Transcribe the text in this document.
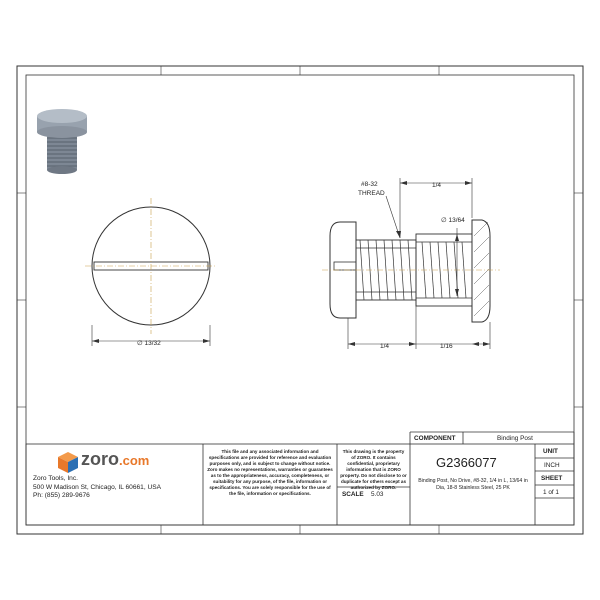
#8-32
THREAD
1/4
∅ 13/64
1/4	1/16
∅ 13/32
zoro.com
Zoro Tools, Inc.
500 W Madison St, Chicago, IL 60661, USA
Ph: (855) 289-9676
This file and any associated information and specifications are provided for reference and evaluation purposes only, and is subject to change without notice. Zoro makes no representations, warranties or guarantees as to the appropriateness, accuracy, completeness, or suitability for any purpose, of the file, information or specifications. You are solely responsible for the use of the file, information or specifications.
This drawing is the property of ZORO. It contains confidential, proprietary information that is ZORO property. Do not disclose to or duplicate for others except as authorized by ZORO.
COMPONENT	Binding Post
G2366077
Binding Post, No Drive, #8-32, 1/4 in L, 13/64 in Dia, 18-8 Stainless Steel, 25 PK
SCALE 5.03
UNIT
INCH
SHEET
1 of 1
